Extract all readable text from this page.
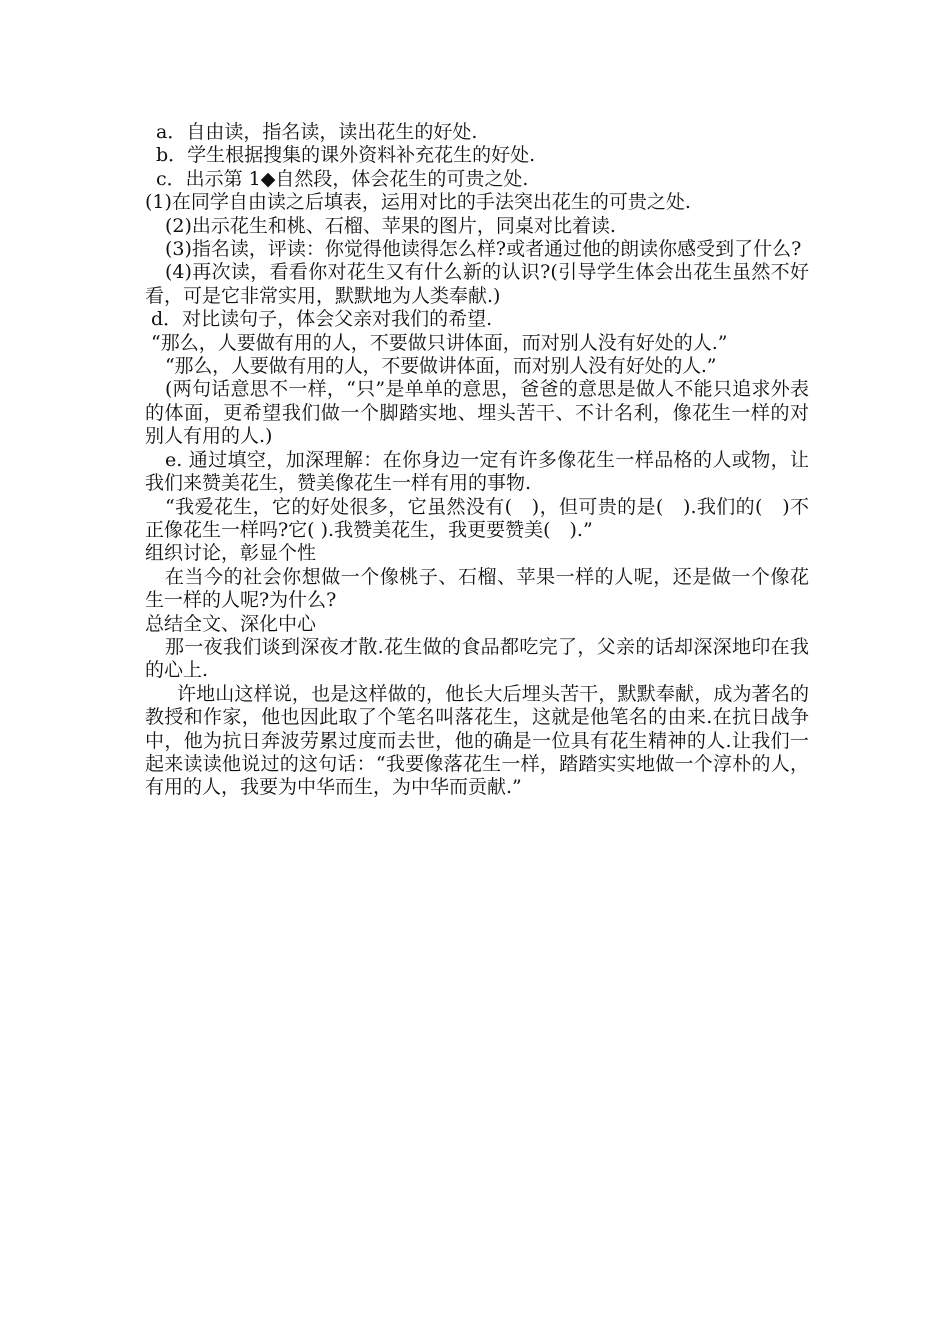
a．自由读，指名读，读出花生的好处.

b．学生根据搜集的课外资料补充花生的好处.

c．出示第 1◆自然段，体会花生的可贵之处.

(1)在同学自由读之后填表，运用对比的手法突出花生的可贵之处.

(2)出示花生和桃、石榴、苹果的图片，同桌对比着读.

(3)指名读，评读：你觉得他读得怎么样?或者通过他的朗读你感受到了什么?

(4)再次读，看看你对花生又有什么新的认识?(引导学生体会出花生虽然不好看，可是它非常实用，默默地为人类奉献.)

d．对比读句子，体会父亲对我们的希望.

“那么，人要做有用的人，不要做只讲体面，而对别人没有好处的人.”

“那么，人要做有用的人，不要做讲体面，而对别人没有好处的人.”

(两句话意思不一样，“只”是单单的意思，爸爸的意思是做人不能只追求外表的体面，更希望我们做一个脚踏实地、埋头苦干、不计名利，像花生一样的对别人有用的人.)

e. 通过填空，加深理解：在你身边一定有许多像花生一样品格的人或物，让我们来赞美花生，赞美像花生一样有用的事物.

“我爱花生，它的好处很多，它虽然没有(　)，但可贵的是(　).我们的(　)不正像花生一样吗?它( ).我赞美花生，我更要赞美(　).”

组织讨论，彰显个性

在当今的社会你想做一个像桃子、石榴、苹果一样的人呢，还是做一个像花生一样的人呢?为什么?

总结全文、深化中心

那一夜我们谈到深夜才散.花生做的食品都吃完了，父亲的话却深深地印在我的心上.

许地山这样说，也是这样做的，他长大后埋头苦干，默默奉献，成为著名的教授和作家，他也因此取了个笔名叫落花生，这就是他笔名的由来.在抗日战争中，他为抗日奔波劳累过度而去世，他的确是一位具有花生精神的人.让我们一起来读读他说过的这句话：“我要像落花生一样，踏踏实实地做一个淳朴的人，有用的人，我要为中华而生，为中华而贡献.”
